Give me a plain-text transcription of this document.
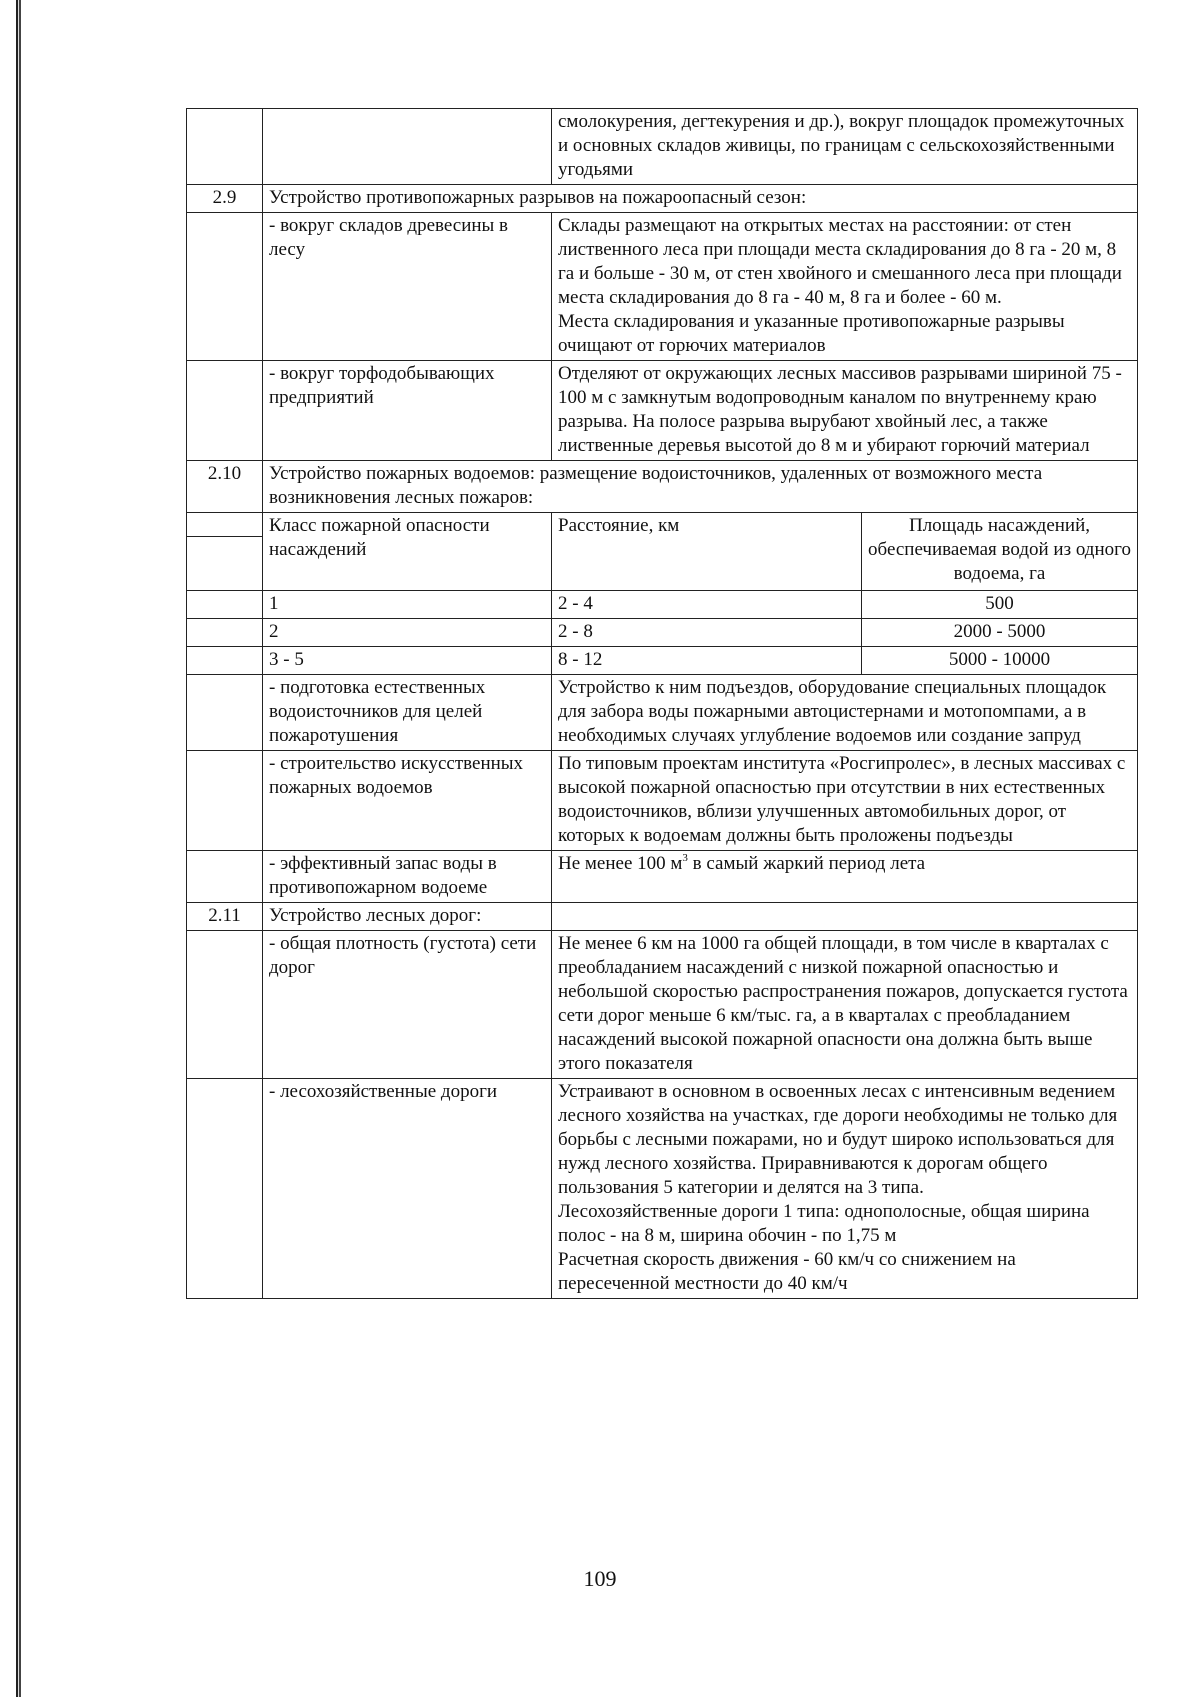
		смолокурения, дегтекурения и др.), вокруг площадок промежуточных и основных складов живицы, по границам с сельскохозяйственными угодьями	
2.9	Устройство противопожарных разрывов на пожароопасный сезон:		
	- вокруг складов древесины в лесу	Склады размещают на открытых местах на расстоянии: от стен лиственного леса при площади места складирования до 8 га - 20 м, 8 га и больше - 30 м, от стен хвойного и смешанного леса при площади места складирования до 8 га - 40 м, 8 га и более - 60 м.
Места складирования и указанные противопожарные разрывы очищают от горючих материалов	
	- вокруг торфодобывающих предприятий	Отделяют от окружающих лесных массивов разрывами шириной 75 - 100 м с замкнутым водопроводным каналом по внутреннему краю разрыва. На полосе разрыва вырубают хвойный лес, а также лиственные деревья высотой до 8 м и убирают горючий материал	
2.10	Устройство пожарных водоемов: размещение водоисточников, удаленных от возможного места возникновения лесных пожаров:		
	Класс пожарной опасности насаждений	Расстояние, км	Площадь насаждений, обеспечиваемая водой из одного водоема, га

	1	2 - 4	500
	2	2 - 8	2000 - 5000
	3 - 5	8 - 12	5000 - 10000
	- подготовка естественных водоисточников для целей пожаротушения	Устройство к ним подъездов, оборудование специальных площадок для забора воды пожарными автоцистернами и мотопомпами, а в необходимых случаях углубление водоемов или создание запруд	
	- строительство искусственных пожарных водоемов	По типовым проектам института «Росгипролес», в лесных массивах с высокой пожарной опасностью при отсутствии в них естественных водоисточников, вблизи улучшенных автомобильных дорог, от которых к водоемам должны быть проложены подъезды	
	- эффективный запас воды в противопожарном водоеме	Не менее 100 $м^3$ в самый жаркий период лета	
2.11	Устройство лесных дорог:		
	- общая плотность (густота) сети дорог	Не менее 6 км на 1000 га общей площади, в том числе в кварталах с преобладанием насаждений с низкой пожарной опасностью и небольшой скоростью распространения пожаров, допускается густота сети дорог меньше 6 км/тыс. га, а в кварталах с преобладанием насаждений высокой пожарной опасности она должна быть выше этого показателя	
	- лесохозяйственные дороги	Устраивают в основном в освоенных лесах с интенсивным ведением лесного хозяйства на участках, где дороги необходимы не только для борьбы с лесными пожарами, но и будут широко использоваться для нужд лесного хозяйства. Приравниваются к дорогам общего пользования 5 категории и делятся на 3 типа.
Лесохозяйственные дороги 1 типа: однополосные, общая ширина полос - на 8 м, ширина обочин - по 1,75 м
Расчетная скорость движения - 60 км/ч со снижением на пересеченной местности до 40 км/ч	
109
